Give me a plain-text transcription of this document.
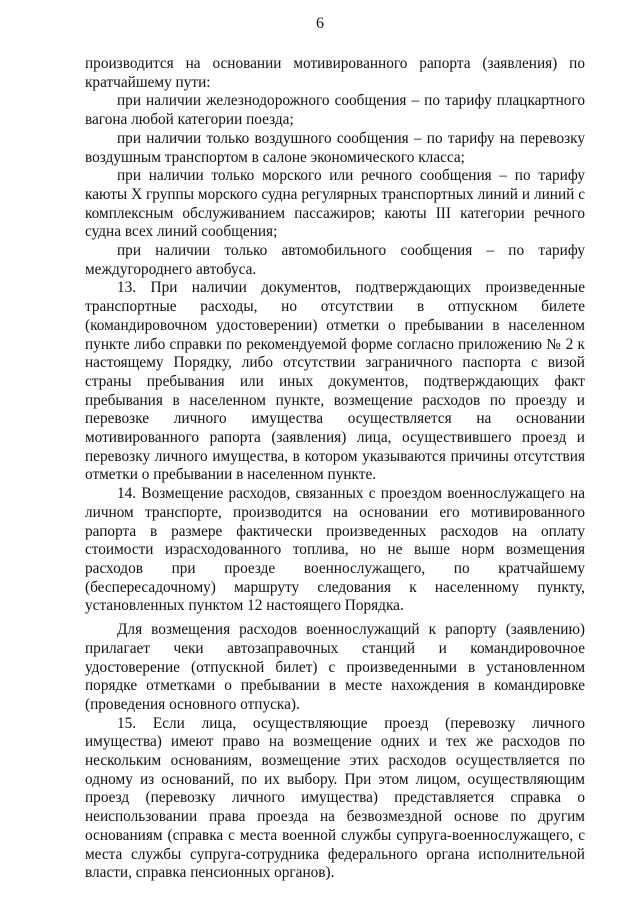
6

производится на основании мотивированного рапорта (заявления) по кратчайшему пути:

при наличии железнодорожного сообщения – по тарифу плацкартного вагона любой категории поезда;

при наличии только воздушного сообщения – по тарифу на перевозку воздушным транспортом в салоне экономического класса;

при наличии только морского или речного сообщения – по тарифу каюты X группы морского судна регулярных транспортных линий и линий с комплексным обслуживанием пассажиров; каюты III категории речного судна всех линий сообщения;

при наличии только автомобильного сообщения – по тарифу междугороднего автобуса.

13. При наличии документов, подтверждающих произведенные транспортные расходы, но отсутствии в отпускном билете (командировочном удостоверении) отметки о пребывании в населенном пункте либо справки по рекомендуемой форме согласно приложению № 2 к настоящему Порядку, либо отсутствии заграничного паспорта с визой страны пребывания или иных документов, подтверждающих факт пребывания в населенном пункте, возмещение расходов по проезду и перевозке личного имущества осуществляется на основании мотивированного рапорта (заявления) лица, осуществившего проезд и перевозку личного имущества, в котором указываются причины отсутствия отметки о пребывании в населенном пункте.

14. Возмещение расходов, связанных с проездом военнослужащего на личном транспорте, производится на основании его мотивированного рапорта в размере фактически произведенных расходов на оплату стоимости израсходованного топлива, но не выше норм возмещения расходов при проезде военнослужащего, по кратчайшему (беспересадочному) маршруту следования к населенному пункту, установленных пунктом 12 настоящего Порядка.

Для возмещения расходов военнослужащий к рапорту (заявлению) прилагает чеки автозаправочных станций и командировочное удостоверение (отпускной билет) с произведенными в установленном порядке отметками о пребывании в месте нахождения в командировке (проведения основного отпуска).

15. Если лица, осуществляющие проезд (перевозку личного имущества) имеют право на возмещение одних и тех же расходов по нескольким основаниям, возмещение этих расходов осуществляется по одному из оснований, по их выбору. При этом лицом, осуществляющим проезд (перевозку личного имущества) представляется справка о неиспользовании права проезда на безвозмездной основе по другим основаниям (справка с места военной службы супруга-военнослужащего, с места службы супруга-сотрудника федерального органа исполнительной власти, справка пенсионных органов).
